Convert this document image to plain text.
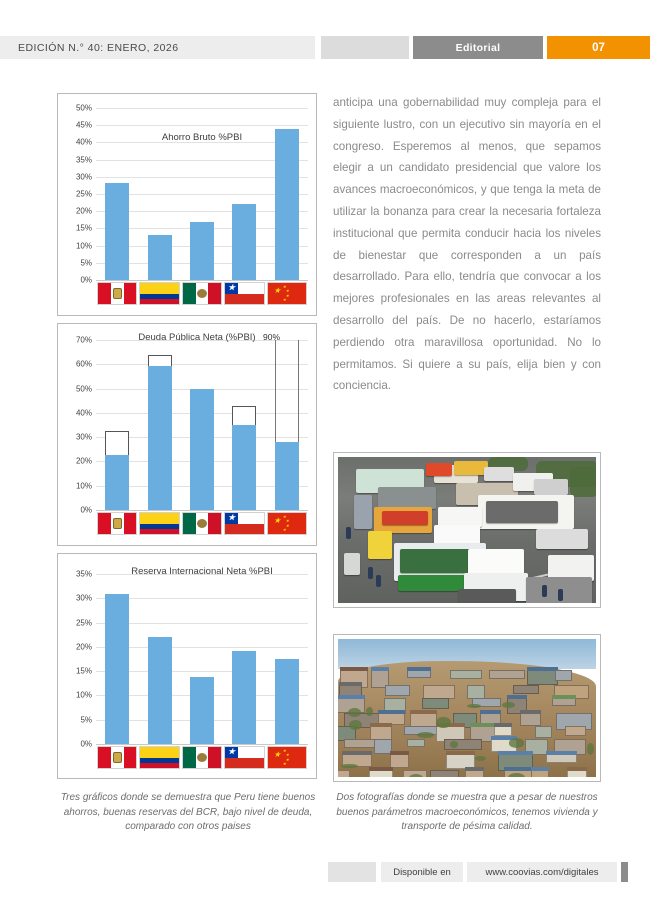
EDICIÓN N.° 40: ENERO, 2026	Editorial	07
Ahorro Bruto %PBI
0%
5%
10%
15%
20%
25%
30%
35%
40%
45%
50%
★	★ ★
★
★
★
Deuda Pública Neta (%PBI)
0%
10%
20%
30%
40%
50%
60%
70%	90%
★	★ ★
★
★
★
Reserva Internacional Neta %PBI
0%
5%
10%
15%
20%
25%
30%
35%
★	★ ★
★
★
★
Tres gráficos donde se demuestra que Peru tiene buenos ahorros, buenas reservas del BCR, bajo nivel de deuda, comparado con otros paises
anticipa una gobernabilidad muy compleja para el siguiente lustro, con un ejecutivo sin mayoría en el congreso. Esperemos al menos, que sepamos elegir a un candidato presidencial que valore los avances macroeconómicos, y que tenga la meta de utilizar la bonanza para crear la necesaria fortaleza institucional que permita conducir hacia los niveles de bienestar que corresponden a un país desarrollado. Para ello, tendría que convocar a los mejores profesionales en las areas relevantes al desarrollo del país. De no hacerlo, estaríamos perdiendo otra maravillosa oportunidad. No lo permitamos. Si quiere a su país, elija bien y con conciencia.
Dos fotografías donde se muestra que a pesar de nuestros buenos parámetros macroeconómicos, tenemos vivienda y transporte de pésima calidad.
Disponible en	www.coovias.com/digitales
